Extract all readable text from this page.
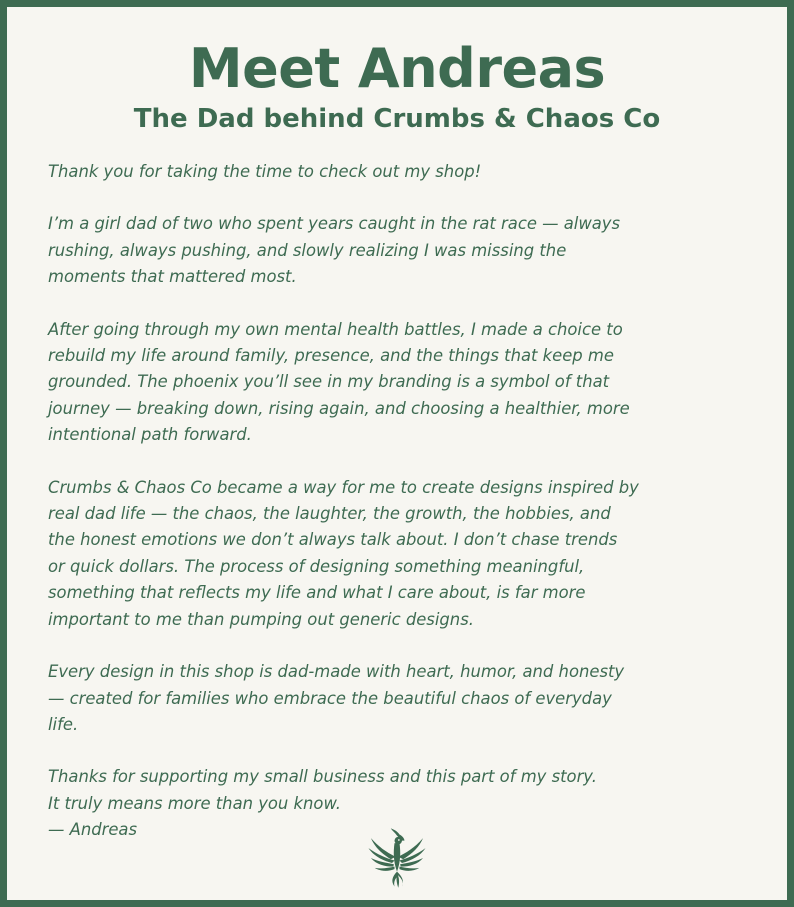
Meet Andreas
The Dad behind Crumbs & Chaos Co

Thank you for taking the time to check out my shop!

I’m a girl dad of two who spent years caught in the rat race — always
rushing, always pushing, and slowly realizing I was missing the
moments that mattered most.

After going through my own mental health battles, I made a choice to
rebuild my life around family, presence, and the things that keep me
grounded. The phoenix you’ll see in my branding is a symbol of that
journey — breaking down, rising again, and choosing a healthier, more
intentional path forward.

Crumbs & Chaos Co became a way for me to create designs inspired by
real dad life — the chaos, the laughter, the growth, the hobbies, and
the honest emotions we don’t always talk about. I don’t chase trends
or quick dollars. The process of designing something meaningful,
something that reflects my life and what I care about, is far more
important to me than pumping out generic designs.

Every design in this shop is dad-made with heart, humor, and honesty
— created for families who embrace the beautiful chaos of everyday
life.

Thanks for supporting my small business and this part of my story.
It truly means more than you know.
— Andreas
